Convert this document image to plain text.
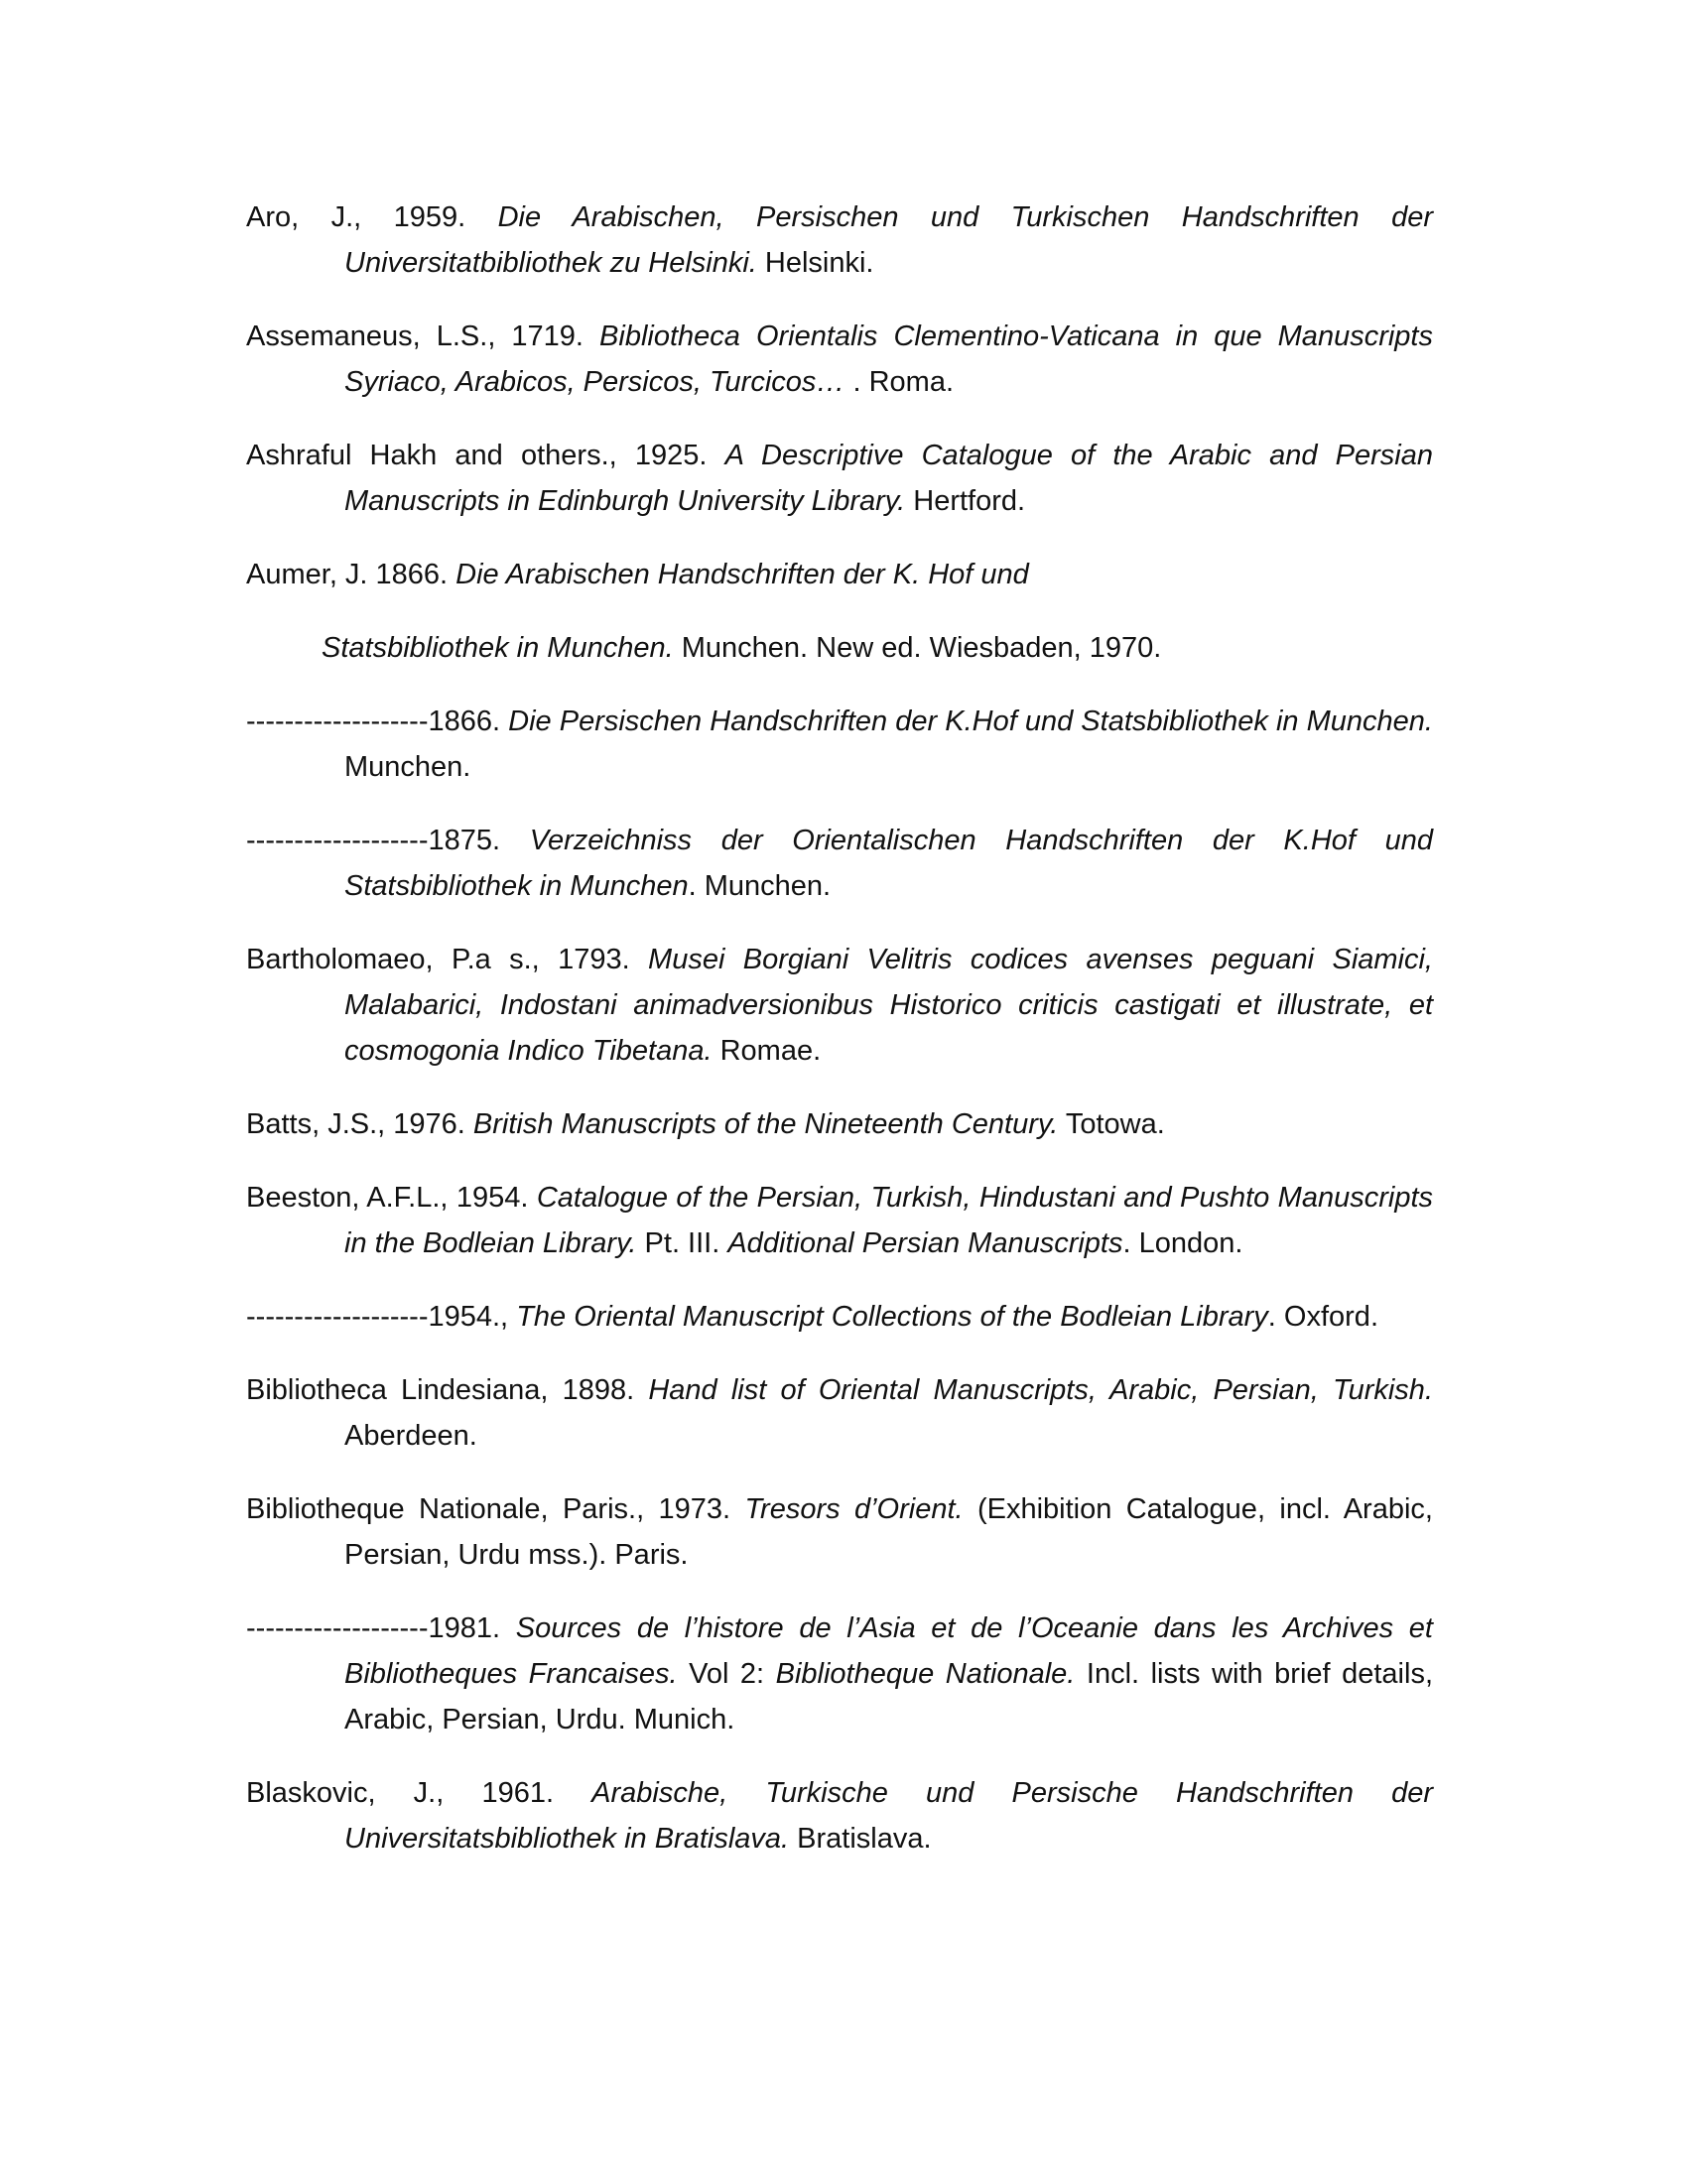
Aro, J., 1959. Die Arabischen, Persischen und Turkischen Handschriften der Universitatbibliothek zu Helsinki. Helsinki.

Assemaneus, L.S., 1719. Bibliotheca Orientalis Clementino-Vaticana in que Manuscripts Syriaco, Arabicos, Persicos, Turcicos… . Roma.

Ashraful Hakh and others., 1925. A Descriptive Catalogue of the Arabic and Persian Manuscripts in Edinburgh University Library. Hertford.

Aumer, J. 1866. Die Arabischen Handschriften der K. Hof und
Statsbibliothek in Munchen. Munchen. New ed. Wiesbaden, 1970.

-------------------1866. Die Persischen Handschriften der K.Hof und Statsbibliothek in Munchen. Munchen.

-------------------1875. Verzeichniss der Orientalischen Handschriften der K.Hof und Statsbibliothek in Munchen. Munchen.

Bartholomaeo, P.a s., 1793. Musei Borgiani Velitris codices avenses peguani Siamici, Malabarici, Indostani animadversionibus Historico criticis castigati et illustrate, et cosmogonia Indico Tibetana. Romae.

Batts, J.S., 1976. British Manuscripts of the Nineteenth Century. Totowa.

Beeston, A.F.L., 1954. Catalogue of the Persian, Turkish, Hindustani and Pushto Manuscripts in the Bodleian Library. Pt. III. Additional Persian Manuscripts. London.

-------------------1954., The Oriental Manuscript Collections of the Bodleian Library. Oxford.

Bibliotheca Lindesiana, 1898. Hand list of Oriental Manuscripts, Arabic, Persian, Turkish. Aberdeen.

Bibliotheque Nationale, Paris., 1973. Tresors d’Orient. (Exhibition Catalogue, incl. Arabic, Persian, Urdu mss.). Paris.

-------------------1981. Sources de l’histore de l’Asia et de l’Oceanie dans les Archives et Bibliotheques Francaises. Vol 2: Bibliotheque Nationale. Incl. lists with brief details, Arabic, Persian, Urdu. Munich.

Blaskovic, J., 1961. Arabische, Turkische und Persische Handschriften der Universitatsbibliothek in Bratislava. Bratislava.
